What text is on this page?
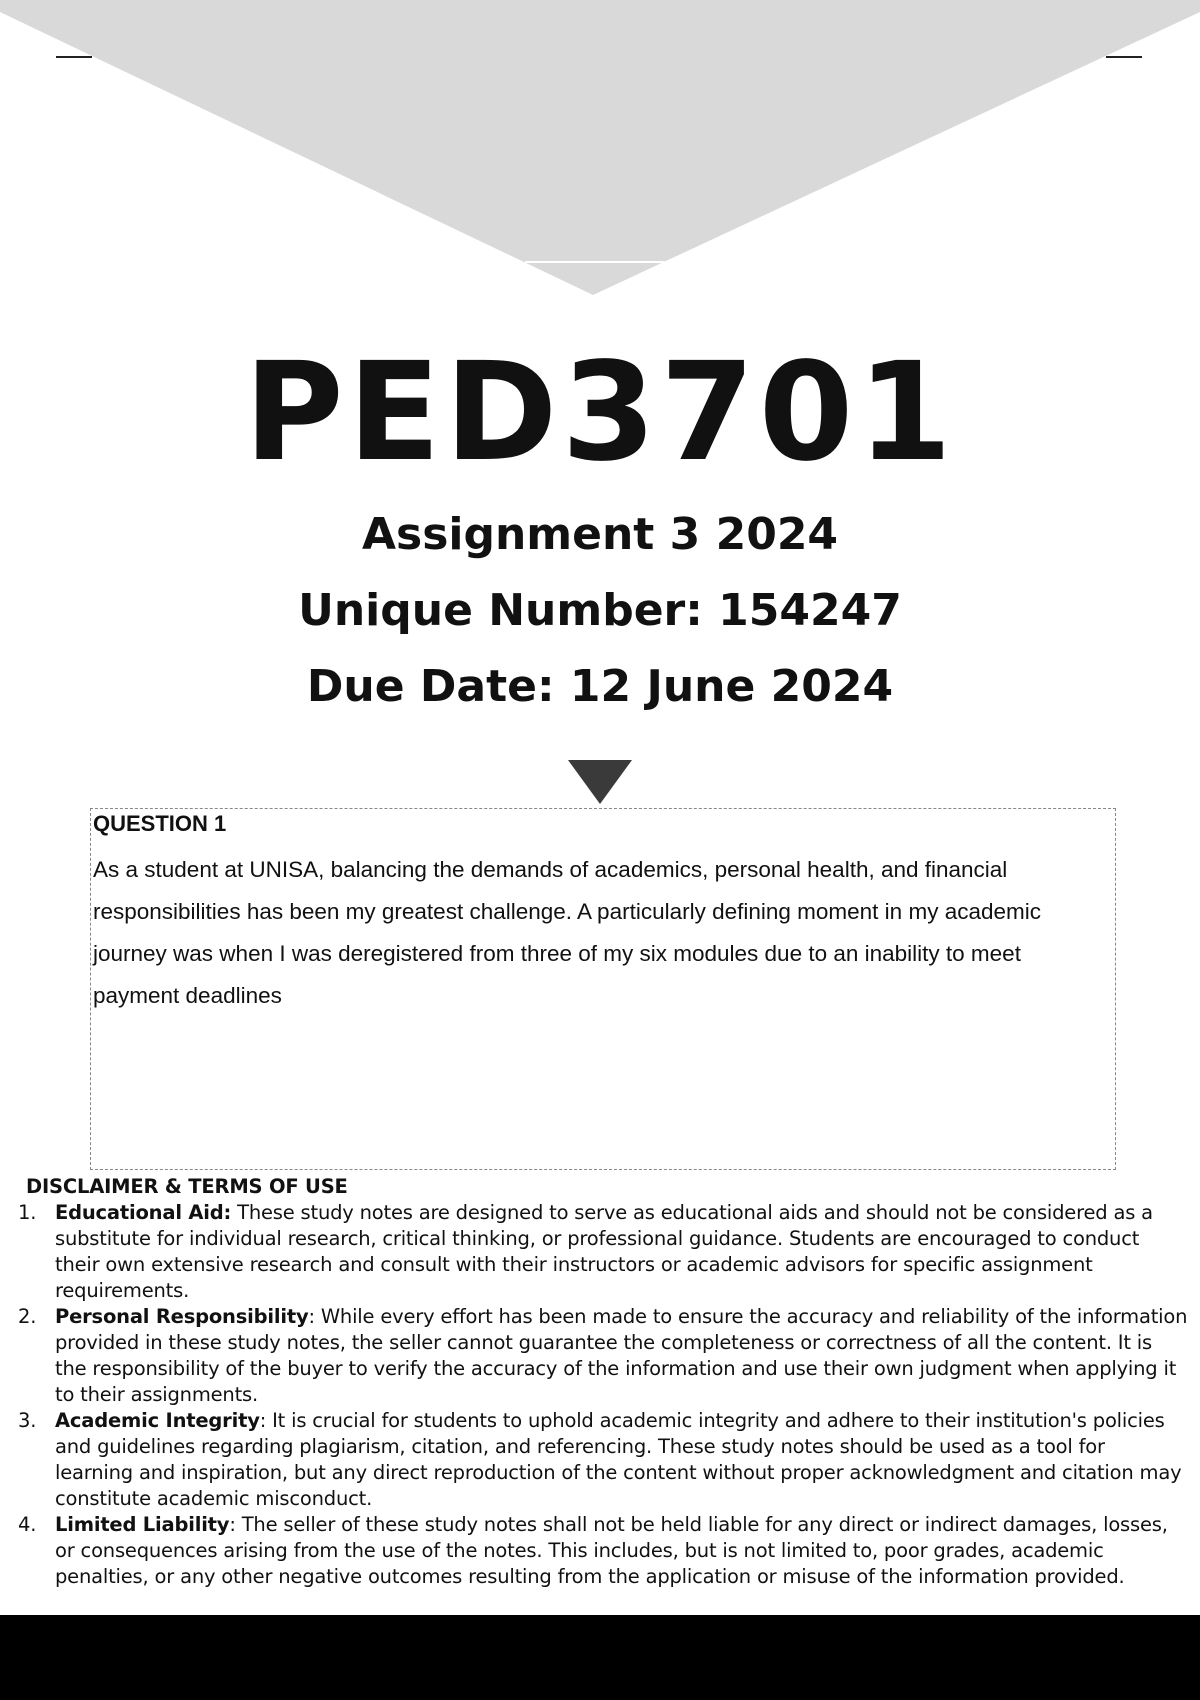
PED3701
Assignment 3 2024
Unique Number: 154247
Due Date: 12 June 2024
QUESTION 1

As a student at UNISA, balancing the demands of academics, personal health, and financial responsibilities has been my greatest challenge. A particularly defining moment in my academic journey was when I was deregistered from three of my six modules due to an inability to meet payment deadlines

DISCLAIMER & TERMS OF USE
1. Educational Aid: These study notes are designed to serve as educational aids and should not be considered as a substitute for individual research, critical thinking, or professional guidance. Students are encouraged to conduct their own extensive research and consult with their instructors or academic advisors for specific assignment requirements.
2. Personal Responsibility: While every effort has been made to ensure the accuracy and reliability of the information provided in these study notes, the seller cannot guarantee the completeness or correctness of all the content. It is the responsibility of the buyer to verify the accuracy of the information and use their own judgment when applying it to their assignments.
3. Academic Integrity: It is crucial for students to uphold academic integrity and adhere to their institution's policies and guidelines regarding plagiarism, citation, and referencing. These study notes should be used as a tool for learning and inspiration, but any direct reproduction of the content without proper acknowledgment and citation may constitute academic misconduct.
4. Limited Liability: The seller of these study notes shall not be held liable for any direct or indirect damages, losses, or consequences arising from the use of the notes. This includes, but is not limited to, poor grades, academic penalties, or any other negative outcomes resulting from the application or misuse of the information provided.
